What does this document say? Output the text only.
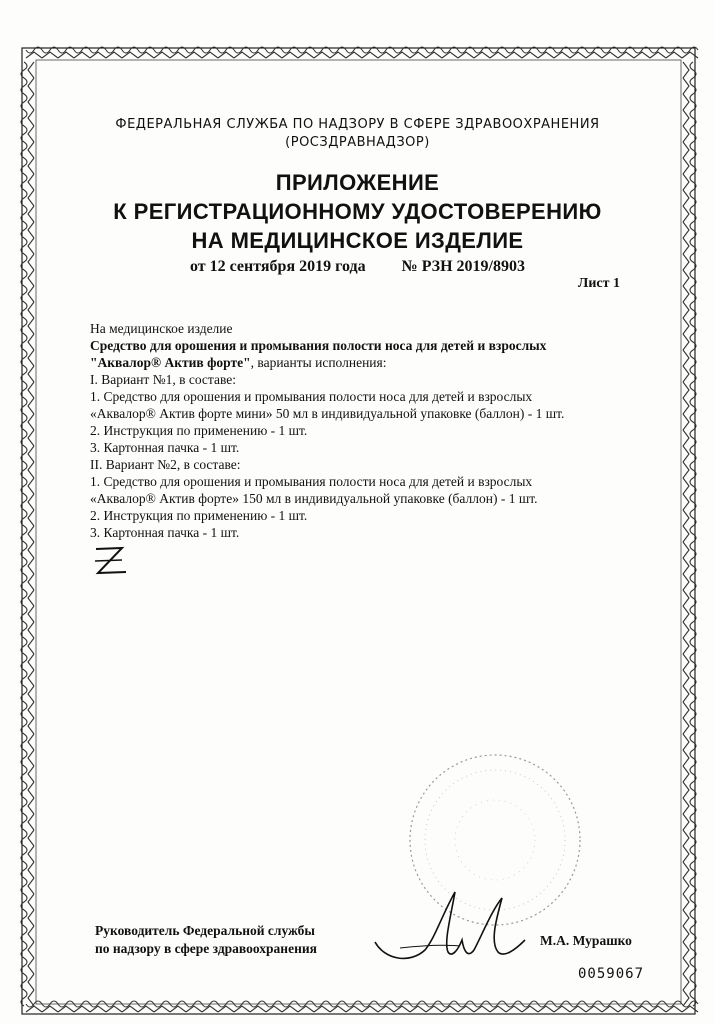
ФЕДЕРАЛЬНАЯ СЛУЖБА ПО НАДЗОРУ В СФЕРЕ ЗДРАВООХРАНЕНИЯ
(РОСЗДРАВНАДЗОР)
ПРИЛОЖЕНИЕ
К РЕГИСТРАЦИОННОМУ УДОСТОВЕРЕНИЮ
НА МЕДИЦИНСКОЕ ИЗДЕЛИЕ
от 12 сентября 2019 года № РЗН 2019/8903
Лист 1
На медицинское изделие
Средство для орошения и промывания полости носа для детей и взрослых
"Аквалор® Актив форте", варианты исполнения:
I. Вариант №1, в составе:
1. Средство для орошения и промывания полости носа для детей и взрослых
«Аквалор® Актив форте мини» 50 мл в индивидуальной упаковке (баллон) - 1 шт.
2. Инструкция по применению - 1 шт.
3. Картонная пачка - 1 шт.
II. Вариант №2, в составе:
1. Средство для орошения и промывания полости носа для детей и взрослых
«Аквалор® Актив форте» 150 мл в индивидуальной упаковке (баллон) - 1 шт.
2. Инструкция по применению - 1 шт.
3. Картонная пачка - 1 шт.
Руководитель Федеральной службы
по надзору в сфере здравоохранения
М.А. Мурашко
0059067
